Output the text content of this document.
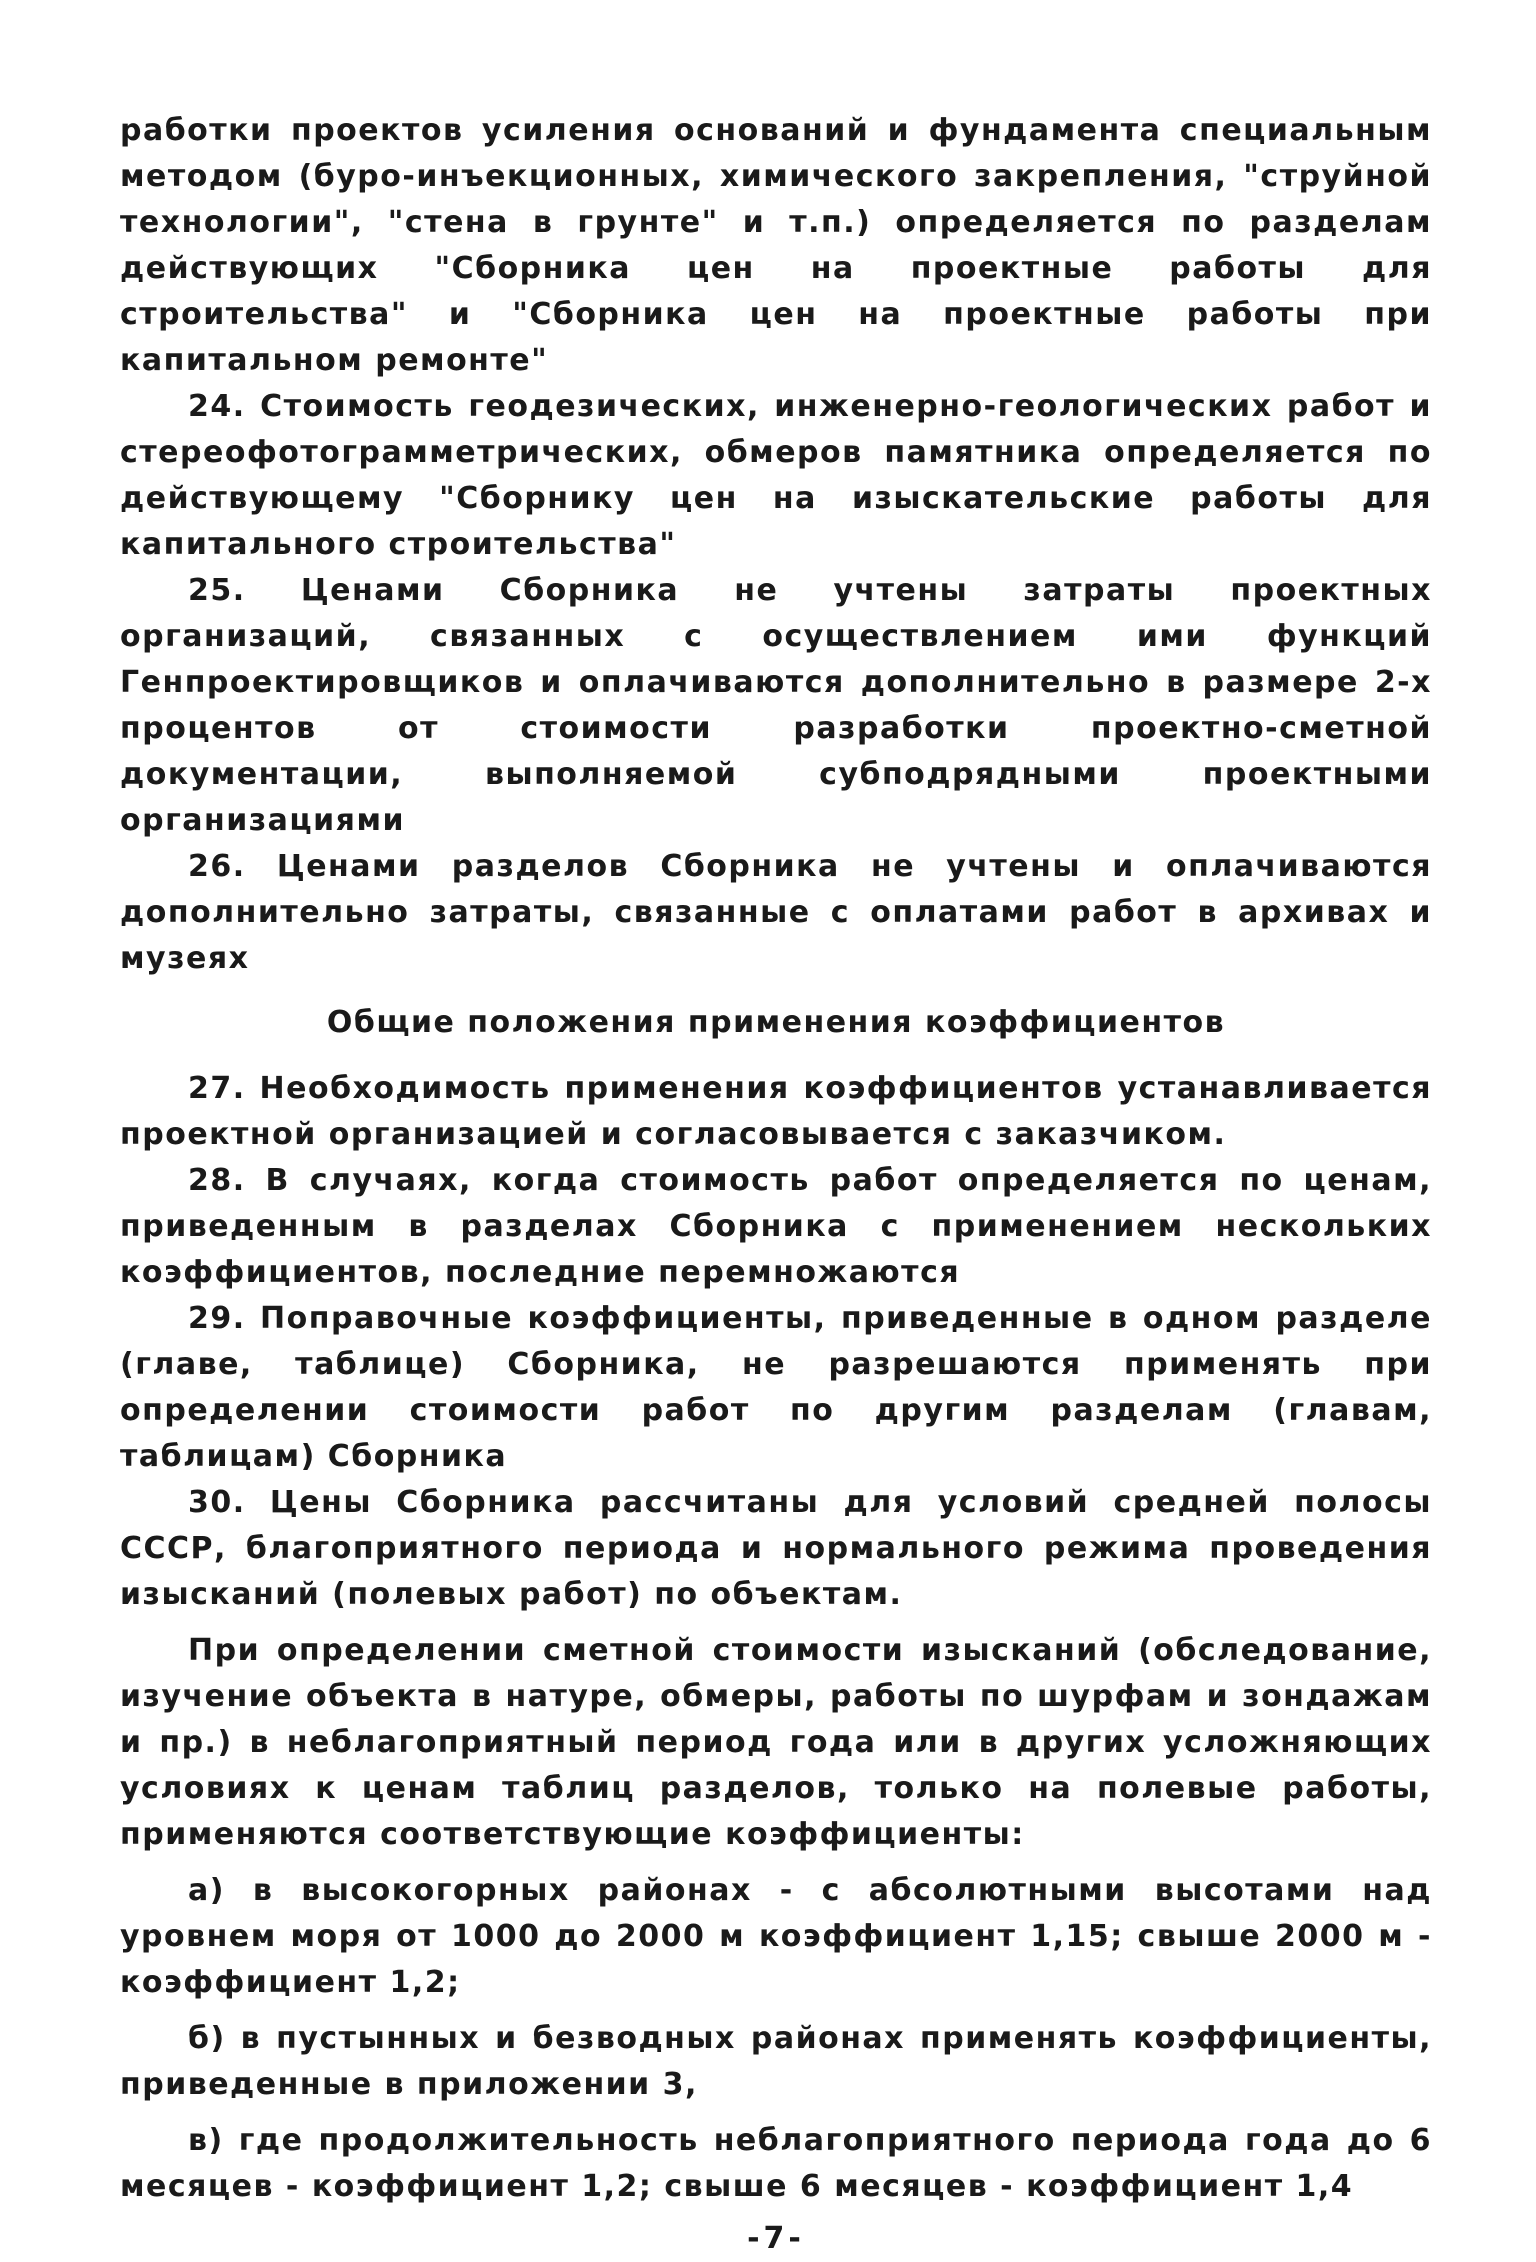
работки проектов усиления оснований и фундамента специальным методом (буро-инъекционных, химического закрепления, "струйной технологии", "стена в грунте" и т.п.) определяется по разделам действующих "Сборника цен на проектные работы для строительства" и "Сборника цен на проектные работы при капитальном ремонте"

24. Стоимость геодезических, инженерно-геологических работ и стереофотограмметрических, обмеров памятника определяется по действующему "Сборнику цен на изыскательские работы для капитального строительства"

25. Ценами Сборника не учтены затраты проектных организаций, связанных с осуществлением ими функций Генпроектировщиков и оплачиваются дополнительно в размере 2-х процентов от стоимости разработки проектно-сметной документации, выполняемой субподрядными проектными организациями

26. Ценами разделов Сборника не учтены и оплачиваются дополнительно затраты, связанные с оплатами работ в архивах и музеях

Общие положения применения коэффициентов

27. Необходимость применения коэффициентов устанавливается проектной организацией и согласовывается с заказчиком.

28. В случаях, когда стоимость работ определяется по ценам, приведенным в разделах Сборника с применением нескольких коэффициентов, последние перемножаются

29. Поправочные коэффициенты, приведенные в одном разделе (главе, таблице) Сборника, не разрешаются применять при определении стоимости работ по другим разделам (главам, таблицам) Сборника

30. Цены Сборника рассчитаны для условий средней полосы СССР, благоприятного периода и нормального режима проведения изысканий (полевых работ) по объектам.

При определении сметной стоимости изысканий (обследование, изучение объекта в натуре, обмеры, работы по шурфам и зондажам и пр.) в неблагоприятный период года или в других усложняющих условиях к ценам таблиц разделов, только на полевые работы, применяются соответствующие коэффициенты:

а) в высокогорных районах - с абсолютными высотами над уровнем моря от 1000 до 2000 м коэффициент 1,15; свыше 2000 м - коэффициент 1,2;

б) в пустынных и безводных районах применять коэффициенты, приведенные в приложении 3,

в) где продолжительность неблагоприятного периода года до 6 месяцев - коэффициент 1,2; свыше 6 месяцев - коэффициент 1,4

-7-
